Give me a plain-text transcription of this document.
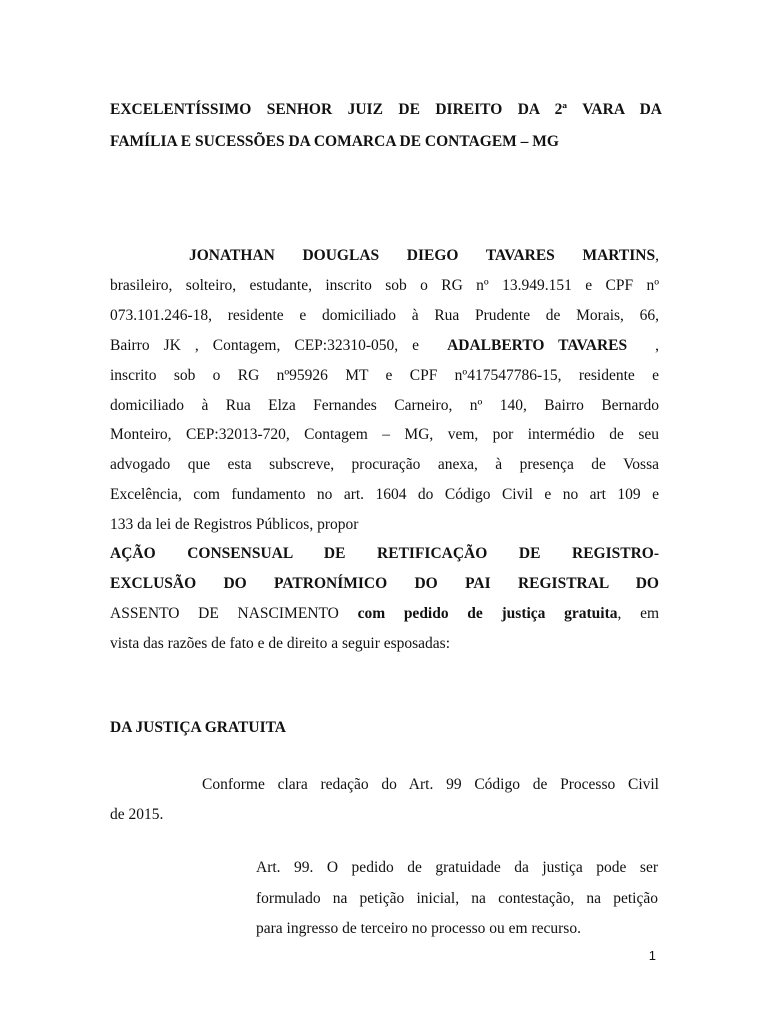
EXCELENTÍSSIMO SENHOR JUIZ DE DIREITO DA 2ª VARA DA
FAMÍLIA E SUCESSÕES DA COMARCA DE CONTAGEM – MG
JONATHAN DOUGLAS DIEGO TAVARES MARTINS,
brasileiro, solteiro, estudante, inscrito sob o RG nº 13.949.151 e CPF nº
073.101.246-18, residente e domiciliado à Rua Prudente de Morais, 66,
Bairro JK , Contagem, CEP:32310-050, e ADALBERTO TAVARES ,
inscrito sob o RG nº95926 MT e CPF nº417547786-15, residente e
domiciliado à Rua Elza Fernandes Carneiro, nº 140, Bairro Bernardo
Monteiro, CEP:32013-720, Contagem – MG, vem, por intermédio de seu
advogado que esta subscreve, procuração anexa, à presença de Vossa
Excelência, com fundamento no art. 1604 do Código Civil e no art 109 e
133 da lei de Registros Públicos, propor
AÇÃO CONSENSUAL DE RETIFICAÇÃO DE REGISTRO-
EXCLUSÃO DO PATRONÍMICO DO PAI REGISTRAL DO
ASSENTO DE NASCIMENTO com pedido de justiça gratuita, em
vista das razões de fato e de direito a seguir esposadas:
DA JUSTIÇA GRATUITA
Conforme clara redação do Art. 99 Código de Processo Civil
de 2015.
Art. 99. O pedido de gratuidade da justiça pode ser
formulado na petição inicial, na contestação, na petição
para ingresso de terceiro no processo ou em recurso.
1
